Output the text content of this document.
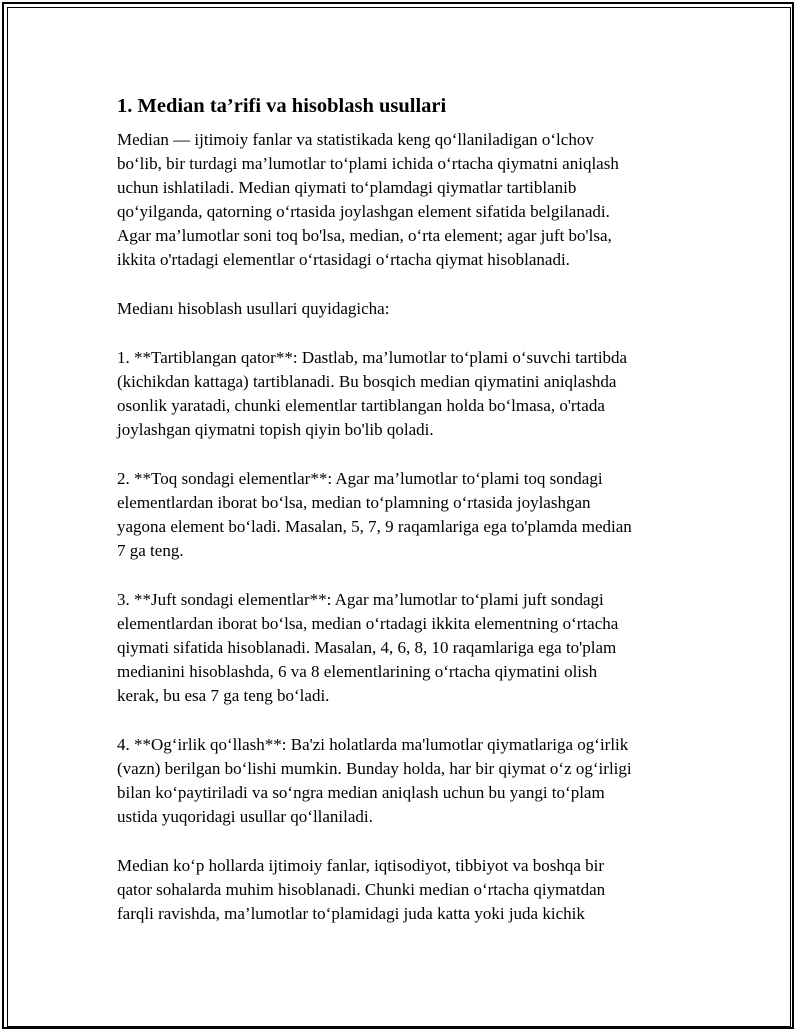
1. Median ta’rifi va hisoblash usullari
Median — ijtimoiy fanlar va statistikada keng qo‘llaniladigan o‘lchov
bo‘lib, bir turdagi ma’lumotlar to‘plami ichida o‘rtacha qiymatni aniqlash
uchun ishlatiladi. Median qiymati to‘plamdagi qiymatlar tartiblanib
qo‘yilganda, qatorning o‘rtasida joylashgan element sifatida belgilanadi.
Agar ma’lumotlar soni toq bo'lsa, median, o‘rta element; agar juft bo'lsa,
ikkita o'rtadagi elementlar o‘rtasidagi o‘rtacha qiymat hisoblanadi.
Medianı hisoblash usullari quyidagicha:
1. **Tartiblangan qator**: Dastlab, ma’lumotlar to‘plami o‘suvchi tartibda
(kichikdan kattaga) tartiblanadi. Bu bosqich median qiymatini aniqlashda
osonlik yaratadi, chunki elementlar tartiblangan holda bo‘lmasa, o'rtada
joylashgan qiymatni topish qiyin bo'lib qoladi.
2. **Toq sondagi elementlar**: Agar ma’lumotlar to‘plami toq sondagi
elementlardan iborat bo‘lsa, median to‘plamning o‘rtasida joylashgan
yagona element bo‘ladi. Masalan, 5, 7, 9 raqamlariga ega to'plamda median
7 ga teng.
3. **Juft sondagi elementlar**: Agar ma’lumotlar to‘plami juft sondagi
elementlardan iborat bo‘lsa, median o‘rtadagi ikkita elementning o‘rtacha
qiymati sifatida hisoblanadi. Masalan, 4, 6, 8, 10 raqamlariga ega to'plam
medianini hisoblashda, 6 va 8 elementlarining o‘rtacha qiymatini olish
kerak, bu esa 7 ga teng bo‘ladi.
4. **Og‘irlik qo‘llash**: Ba'zi holatlarda ma'lumotlar qiymatlariga og‘irlik
(vazn) berilgan bo‘lishi mumkin. Bunday holda, har bir qiymat o‘z og‘irligi
bilan ko‘paytiriladi va so‘ngra median aniqlash uchun bu yangi to‘plam
ustida yuqoridagi usullar qo‘llaniladi.
Median ko‘p hollarda ijtimoiy fanlar, iqtisodiyot, tibbiyot va boshqa bir
qator sohalarda muhim hisoblanadi. Chunki median o‘rtacha qiymatdan
farqli ravishda, ma’lumotlar to‘plamidagi juda katta yoki juda kichik
